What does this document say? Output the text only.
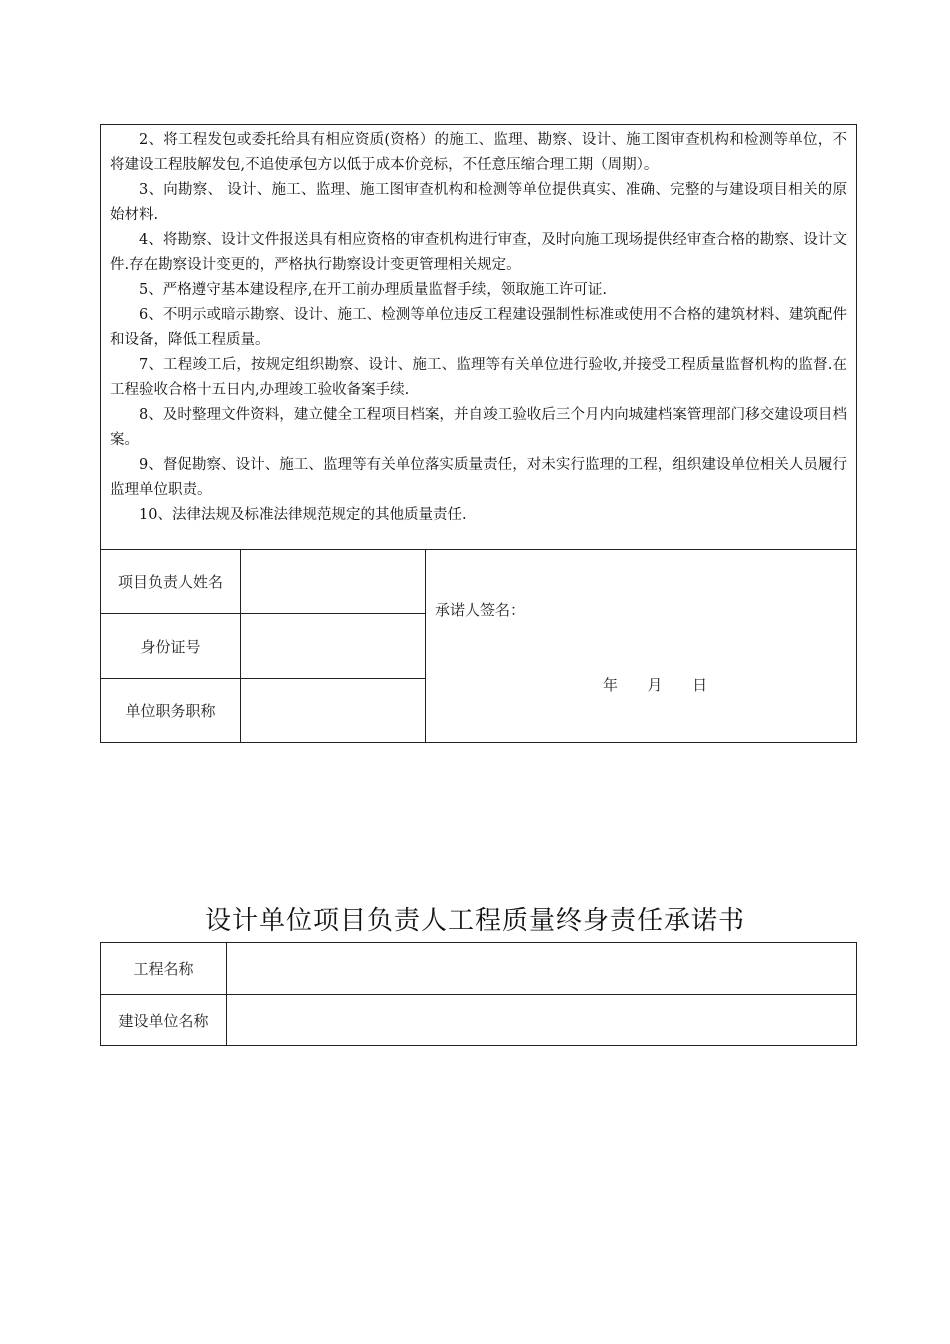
2、将工程发包或委托给具有相应资质(资格）的施工、监理、勘察、设计、施工图审查机构和检测等单位，不将建设工程肢解发包,不追使承包方以低于成本价竞标，不任意压缩合理工期（周期）。

3、向勘察、 设计、施工、监理、施工图审查机构和检测等单位提供真实、准确、完整的与建设项目相关的原始材料.

4、将勘察、设计文件报送具有相应资格的审查机构进行审查，及时向施工现场提供经审查合格的勘察、设计文件.存在勘察设计变更的，严格执行勘察设计变更管理相关规定。

5、严格遵守基本建设程序,在开工前办理质量监督手续，领取施工许可证.

6、不明示或暗示勘察、设计、施工、检测等单位违反工程建设强制性标准或使用不合格的建筑材料、建筑配件和设备，降低工程质量。

7、工程竣工后，按规定组织勘察、设计、施工、监理等有关单位进行验收,并接受工程质量监督机构的监督.在工程验收合格十五日内,办理竣工验收备案手续.

8、及时整理文件资料，建立健全工程项目档案，并自竣工验收后三个月内向城建档案管理部门移交建设项目档案。

9、督促勘察、设计、施工、监理等有关单位落实质量责任，对未实行监理的工程，组织建设单位相关人员履行监理单位职责。

10、法律法规及标准法律规范规定的其他质量责任.

项目负责人姓名
身份证号
单位职务职称
承诺人签名：
年  月  日
设计单位项目负责人工程质量终身责任承诺书
工程名称
建设单位名称
